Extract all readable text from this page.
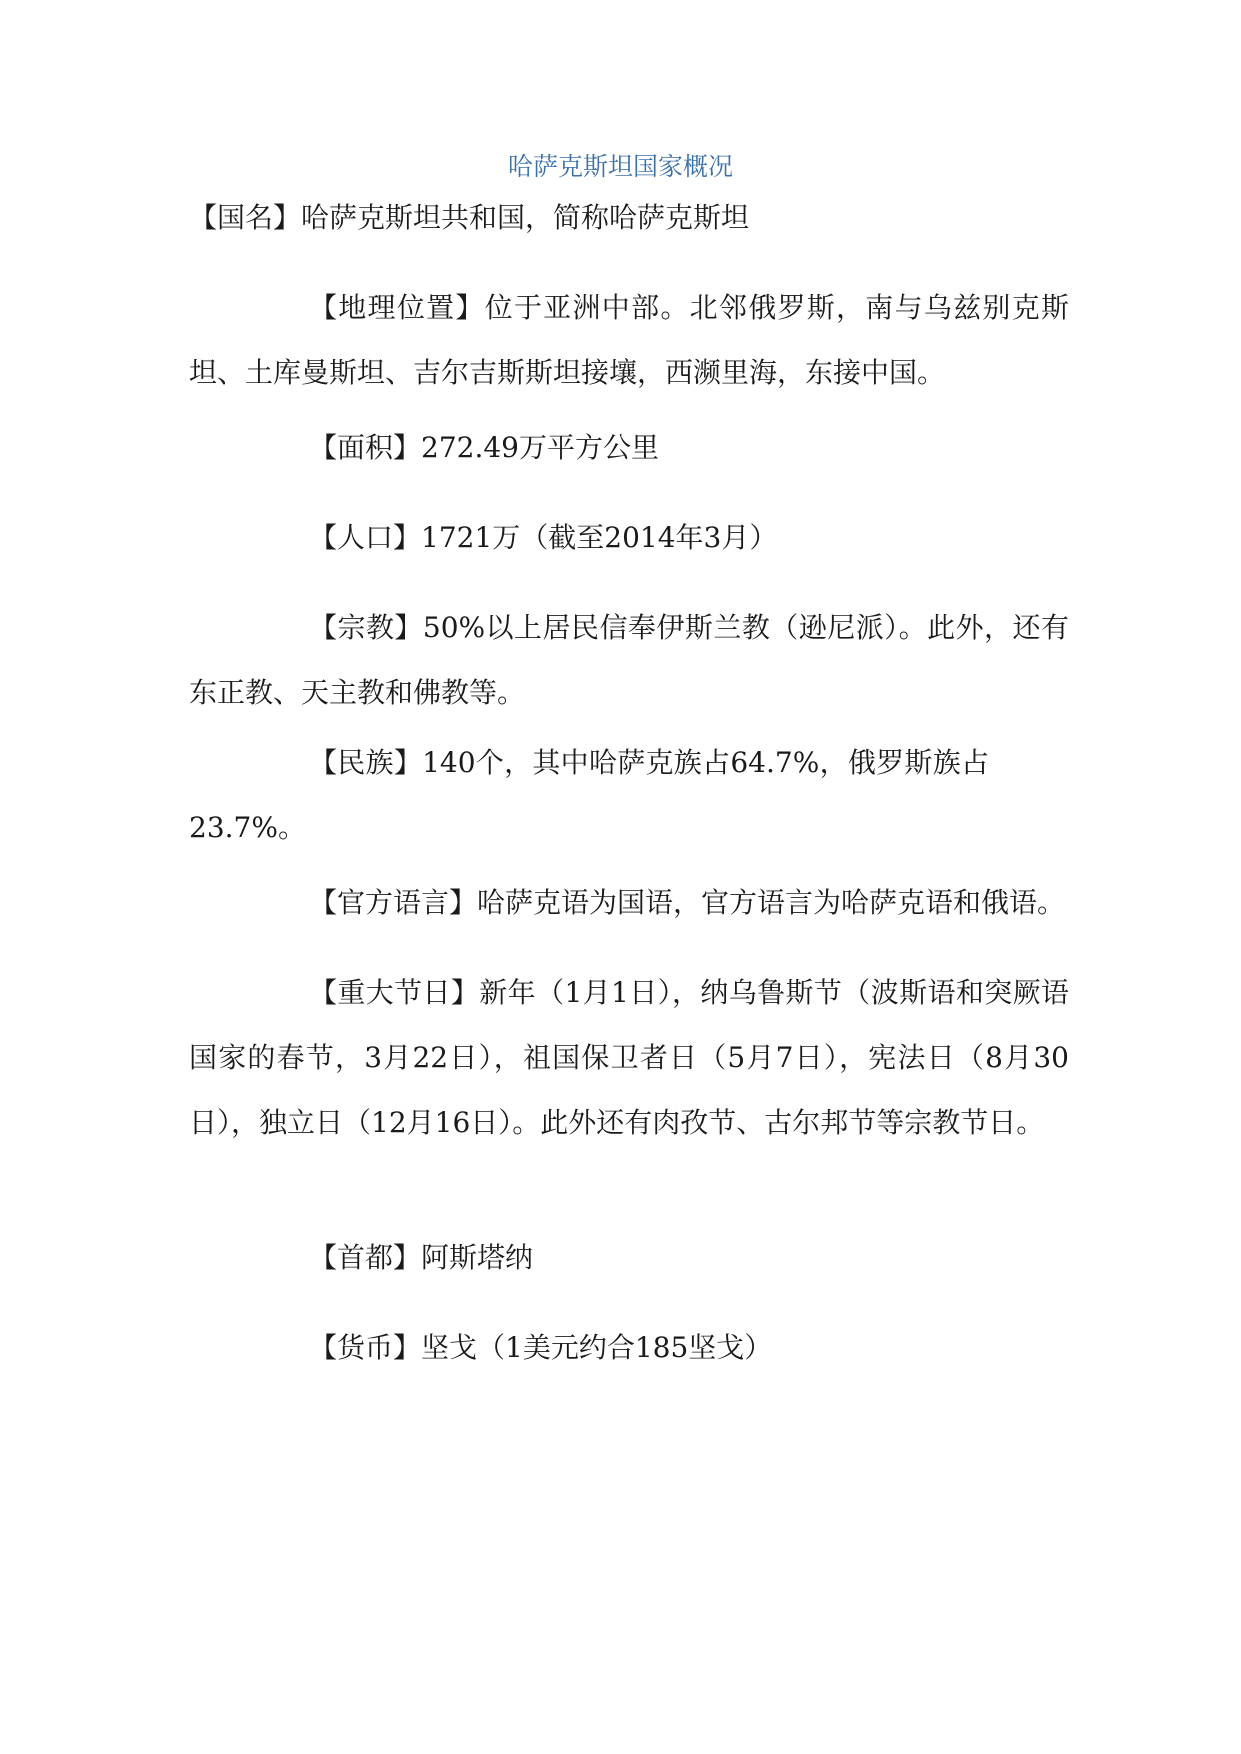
哈萨克斯坦国家概况

【国名】哈萨克斯坦共和国，简称哈萨克斯坦

【地理位置】位于亚洲中部。北邻俄罗斯，南与乌兹别克斯坦、土库曼斯坦、吉尔吉斯斯坦接壤，西濒里海，东接中国。

【面积】272.49万平方公里

【人口】1721万（截至2014年3月）

【宗教】50%以上居民信奉伊斯兰教（逊尼派）。此外，还有东正教、天主教和佛教等。

【民族】140个，其中哈萨克族占64.7%，俄罗斯族占23.7%。

【官方语言】哈萨克语为国语，官方语言为哈萨克语和俄语。

【重大节日】新年（1月1日），纳乌鲁斯节（波斯语和突厥语国家的春节，3月22日），祖国保卫者日（5月7日），宪法日（8月30日），独立日（12月16日）。此外还有肉孜节、古尔邦节等宗教节日。

【首都】阿斯塔纳

【货币】坚戈（1美元约合185坚戈）
